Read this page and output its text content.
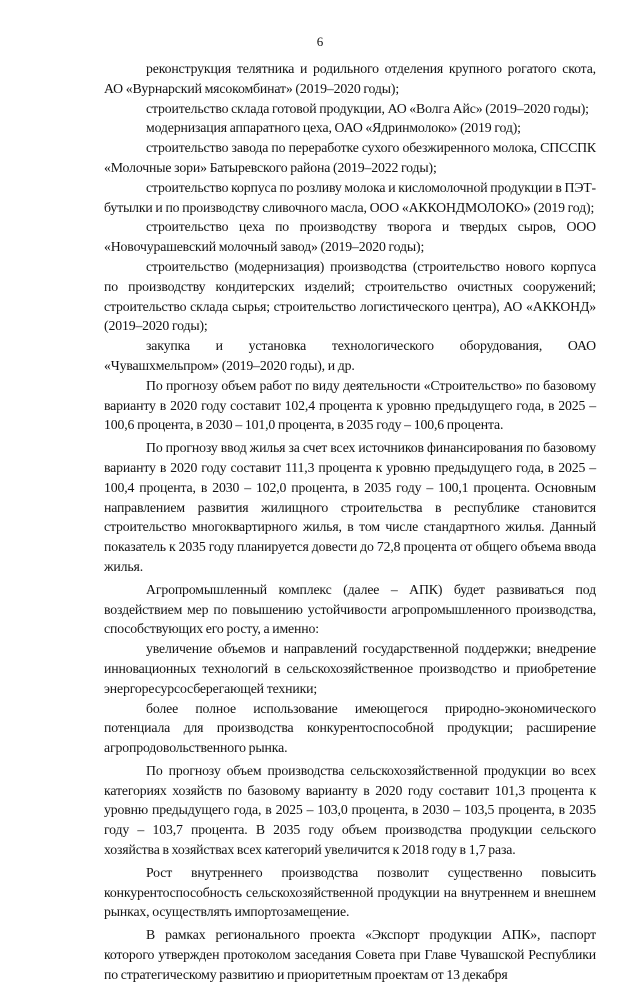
6

реконструкция телятника и родильного отделения крупного рогатого скота, АО «Вурнарский мясокомбинат» (2019–2020 годы);

строительство склада готовой продукции, АО «Волга Айс» (2019–2020 годы);

модернизация аппаратного цеха, ОАО «Ядринмолоко» (2019 год);

строительство завода по переработке сухого обезжиренного молока, СПССПК «Молочные зори» Батыревского района (2019–2022 годы);

строительство корпуса по розливу молока и кисломолочной продукции в ПЭТ-бутылки и по производству сливочного масла, ООО «АККОНДМОЛОКО» (2019 год);

строительство цеха по производству творога и твердых сыров, ООО «Новочурашевский молочный завод» (2019–2020 годы);

строительство (модернизация) производства (строительство нового корпуса по производству кондитерских изделий; строительство очистных сооружений; строительство склада сырья; строительство логистического центра), АО «АККОНД» (2019–2020 годы);

закупка и установка технологического оборудования, ОАО «Чувашхмельпром» (2019–2020 годы), и др.

По прогнозу объем работ по виду деятельности «Строительство» по базовому варианту в 2020 году составит 102,4 процента к уровню предыдущего года, в 2025 – 100,6 процента, в 2030 – 101,0 процента, в 2035 году – 100,6 процента.

По прогнозу ввод жилья за счет всех источников финансирования по базовому варианту в 2020 году составит 111,3 процента к уровню предыдущего года, в 2025 – 100,4 процента, в 2030 – 102,0 процента, в 2035 году – 100,1 процента. Основным направлением развития жилищного строительства в республике становится строительство многоквартирного жилья, в том числе стандартного жилья. Данный показатель к 2035 году планируется довести до 72,8 процента от общего объема ввода жилья.

Агропромышленный комплекс (далее – АПК) будет развиваться под воздействием мер по повышению устойчивости агропромышленного производства, способствующих его росту, а именно:

увеличение объемов и направлений государственной поддержки; внедрение инновационных технологий в сельскохозяйственное производство и приобретение энергоресурсосберегающей техники;

более полное использование имеющегося природно-экономического потенциала для производства конкурентоспособной продукции; расширение агропродовольственного рынка.

По прогнозу объем производства сельскохозяйственной продукции во всех категориях хозяйств по базовому варианту в 2020 году составит 101,3 процента к уровню предыдущего года, в 2025 – 103,0 процента, в 2030 – 103,5 процента, в 2035 году – 103,7 процента. В 2035 году объем производства продукции сельского хозяйства в хозяйствах всех категорий увеличится к 2018 году в 1,7 раза.

Рост внутреннего производства позволит существенно повысить конкурентоспособность сельскохозяйственной продукции на внутреннем и внешнем рынках, осуществлять импортозамещение.

В рамках регионального проекта «Экспорт продукции АПК», паспорт которого утвержден протоколом заседания Совета при Главе Чувашской Республики по стратегическому развитию и приоритетным проектам от 13 декабря
